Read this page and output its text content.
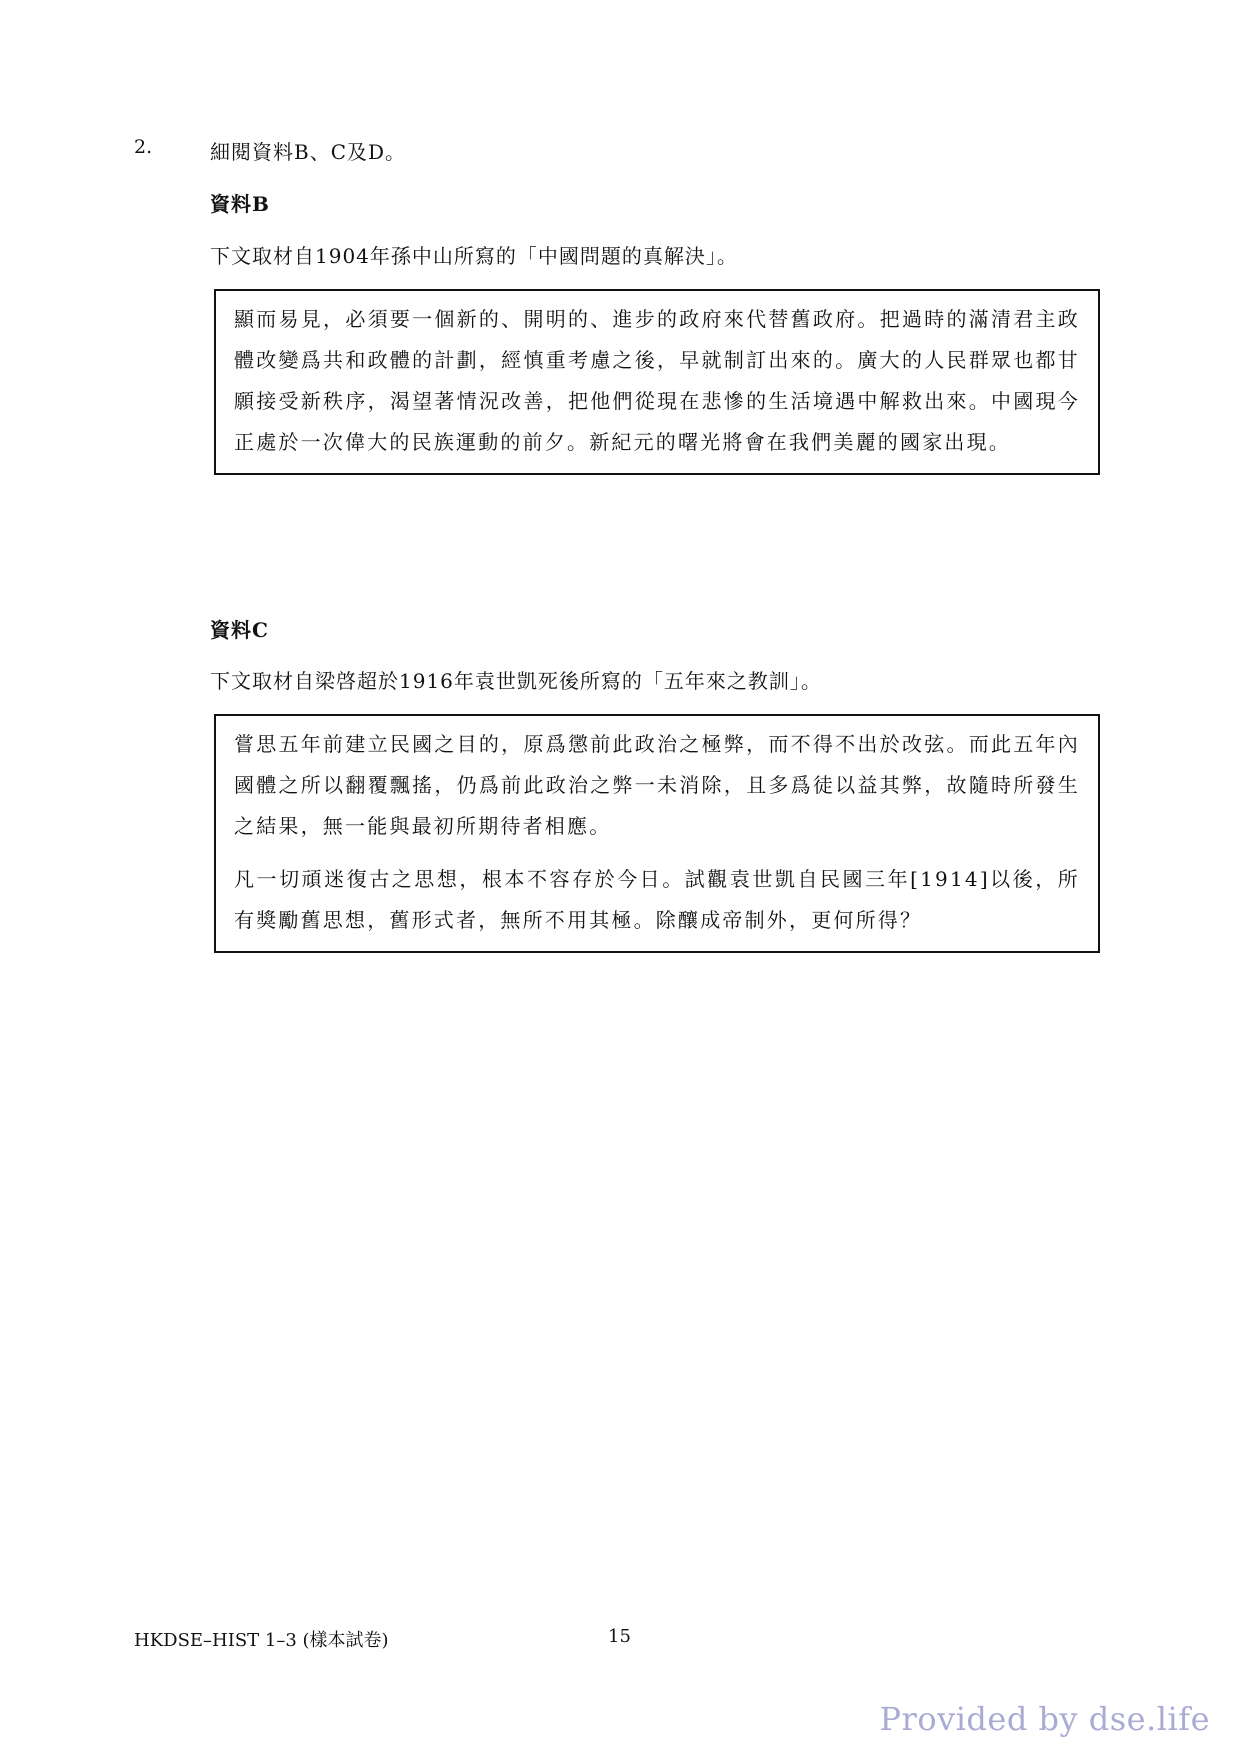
2.	細閱資料B、C及D。
資料B
下文取材自1904年孫中山所寫的「中國問題的真解決」。

顯而易見，必須要一個新的、開明的、進步的政府來代替舊政府。把過時的滿清君主政體改變爲共和政體的計劃，經慎重考慮之後，早就制訂出來的。廣大的人民群眾也都甘願接受新秩序，渴望著情況改善，把他們從現在悲慘的生活境遇中解救出來。中國現今正處於一次偉大的民族運動的前夕。新紀元的曙光將會在我們美麗的國家出現。

資料C
下文取材自梁啓超於1916年袁世凱死後所寫的「五年來之教訓」。

嘗思五年前建立民國之目的，原爲懲前此政治之極弊，而不得不出於改弦。而此五年內國體之所以翻覆飄搖，仍爲前此政治之弊一未消除，且多爲徒以益其弊，故隨時所發生之結果，無一能與最初所期待者相應。

凡一切頑迷復古之思想，根本不容存於今日。試觀袁世凱自民國三年[1914]以後，所有獎勵舊思想，舊形式者，無所不用其極。除釀成帝制外，更何所得？

HKDSE–HIST 1–3 (樣本試卷)	15
Provided by dse.life
